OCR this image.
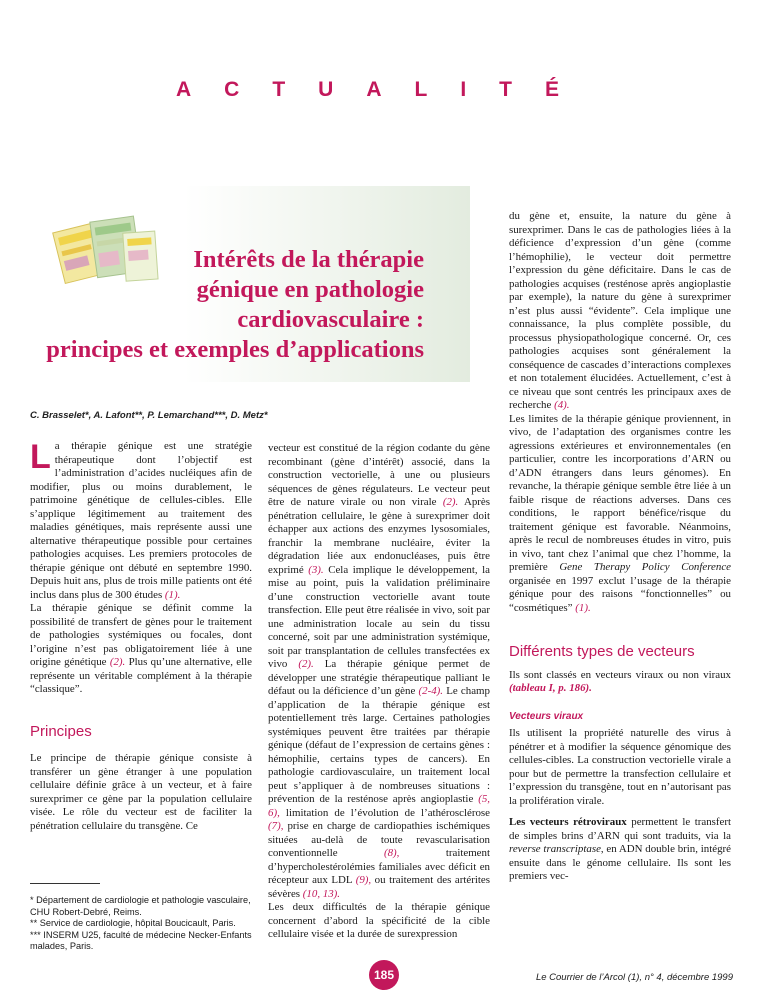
ACTUALITÉ
Intérêts de la thérapie
génique en pathologie
cardiovasculaire :
principes et exemples d’applications
C. Brasselet*, A. Lafont**, P. Lemarchand***, D. Metz*

La thérapie génique est une stratégie thérapeutique dont l’objectif est l’administration d’acides nucléiques afin de modifier, plus ou moins durablement, le patrimoine génétique de cellules-cibles. Elle s’applique légitimement au traitement des maladies génétiques, mais représente aussi une alternative thérapeutique possible pour certaines pathologies acquises. Les premiers protocoles de thérapie génique ont débuté en septembre 1990. Depuis huit ans, plus de trois mille patients ont été inclus dans plus de 300 études (1).

La thérapie génique se définit comme la possibilité de transfert de gènes pour le traitement de pathologies systémiques ou focales, dont l’origine n’est pas obligatoirement liée à une origine génétique (2). Plus qu’une alternative, elle représente un véritable complément à la thérapie “classique”.

Principes

Le principe de thérapie génique consiste à transférer un gène étranger à une population cellulaire définie grâce à un vecteur, et à faire surexprimer ce gène par la population cellulaire visée. Le rôle du vecteur est de faciliter la pénétration cellulaire du transgène. Ce

* Département de cardiologie et pathologie vasculaire, CHU Robert-Debré, Reims.
** Service de cardiologie, hôpital Boucicault, Paris.
*** INSERM U25, faculté de médecine Necker-Enfants malades, Paris.

vecteur est constitué de la région codante du gène recombinant (gène d’intérêt) associé, dans la construction vectorielle, à une ou plusieurs séquences de gènes régulateurs. Le vecteur peut être de nature virale ou non virale (2). Après pénétration cellulaire, le gène à surexprimer doit échapper aux actions des enzymes lysosomiales, franchir la membrane nucléaire, éviter la dégradation liée aux endonucléases, puis être exprimé (3). Cela implique le développement, la mise au point, puis la validation préliminaire d’une construction vectorielle avant toute transfection. Elle peut être réalisée in vivo, soit par une administration locale au sein du tissu concerné, soit par une administration systémique, soit par transplantation de cellules transfectées ex vivo (2). La thérapie génique permet de développer une stratégie thérapeutique palliant le défaut ou la déficience d’un gène (2-4). Le champ d’application de la thérapie génique est potentiellement très large. Certaines pathologies systémiques peuvent être traitées par thérapie génique (défaut de l’expression de certains gènes : hémophilie, certains types de cancers). En pathologie cardiovasculaire, un traitement local peut s’appliquer à de nombreuses situations : prévention de la resténose après angioplastie (5, 6), limitation de l’évolution de l’athérosclérose (7), prise en charge de cardiopathies ischémiques situées au-delà de toute revascularisation conventionnelle	(8),	traitement d’hypercholestérolémies familiales avec déficit en récepteur aux LDL (9), ou traitement des artérites sévères (10, 13).

Les deux difficultés de la thérapie génique concernent d’abord la spécificité de la cible cellulaire visée et la durée de surexpression

du gène et, ensuite, la nature du gène à surexprimer. Dans le cas de pathologies liées à la déficience d’expression d’un gène (comme l’hémophilie), le vecteur doit permettre l’expression du gène déficitaire. Dans le cas de pathologies acquises (resténose après angioplastie par exemple), la nature du gène à surexprimer n’est plus aussi “évidente”. Cela implique une connaissance, la plus complète possible, du processus physiopathologique concerné. Or, ces pathologies acquises sont généralement la conséquence de cascades d’interactions complexes et non totalement élucidées. Actuellement, c’est à ce niveau que sont centrés les principaux axes de recherche (4).

Les limites de la thérapie génique proviennent, in vivo, de l’adaptation des organismes contre les agressions extérieures et environnementales (en particulier, contre les incorporations d’ARN ou d’ADN étrangers dans leurs génomes). En revanche, la thérapie génique semble être liée à un faible risque de réactions adverses. Dans ces conditions, le rapport bénéfice/risque du traitement génique est favorable. Néanmoins, après le recul de nombreuses études in vitro, puis in vivo, tant chez l’animal que chez l’homme, la première Gene Therapy Policy Conference organisée en 1997 exclut l’usage de la thérapie génique pour des raisons “fonctionnelles” ou “cosmétiques” (1).

Différents types de vecteurs

Ils sont classés en vecteurs viraux ou non viraux (tableau I, p. 186).

Vecteurs viraux

Ils utilisent la propriété naturelle des virus à pénétrer et à modifier la séquence génomique des cellules-cibles. La construction vectorielle virale a pour but de permettre la transfection cellulaire et l’expression du transgène, tout en n’autorisant pas la prolifération virale.

Les vecteurs rétroviraux permettent le transfert de simples brins d’ARN qui sont traduits, via la reverse transcriptase, en ADN double brin, intégré ensuite dans le génome cellulaire. Ils sont les premiers vec-

185	Le Courrier de l’Arcol (1), n° 4, décembre 1999
